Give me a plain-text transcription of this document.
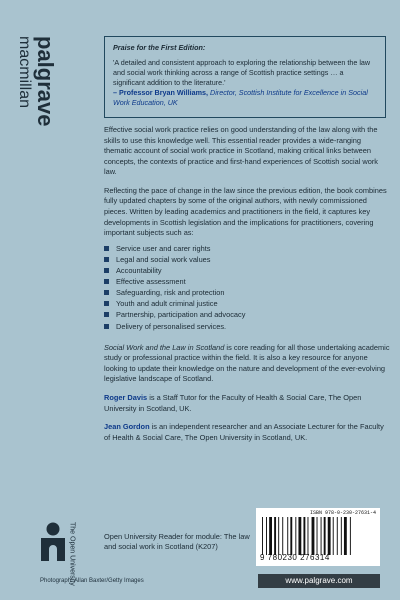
palgrave
macmillan	Praise for the First Edition:

'A detailed and consistent approach to exploring the relationship between the law and social work thinking across a range of Scottish practice settings … a significant addition to the literature.'

– Professor Bryan Williams, Director, Scottish Institute for Excellence in Social Work Education, UK

Effective social work practice relies on good understanding of the law along with the skills to use this knowledge well. This essential reader provides a wide-ranging thematic account of social work practice in Scotland, making critical links between concepts, the contexts of practice and first-hand experiences of Scottish social work law.

Reflecting the pace of change in the law since the previous edition, the book combines fully updated chapters by some of the original authors, with newly commissioned pieces. Written by leading academics and practitioners in the field, it captures key developments in Scottish legislation and the implications for practitioners, covering important subjects such as:

Service user and carer rights
Legal and social work values
Accountability
Effective assessment
Safeguarding, risk and protection
Youth and adult criminal justice
Partnership, participation and advocacy
Delivery of personalised services.

Social Work and the Law in Scotland is core reading for all those undertaking academic study or professional practice within the field. It is also a key resource for anyone looking to update their knowledge on the nature and development of the ever-evolving legislative landscape of Scotland.

Roger Davis is a Staff Tutor for the Faculty of Health & Social Care, The Open University in Scotland, UK.

Jean Gordon is an independent researcher and an Associate Lecturer for the Faculty of Health & Social Care, The Open University in Scotland, UK.

The Open University	Open University Reader for module: The law and social work in Scotland (K207)

ISBN 978-0-230-27631-4
9 780230 276314

Photograph: Allan Baxter/Getty Images	www.palgrave.com
